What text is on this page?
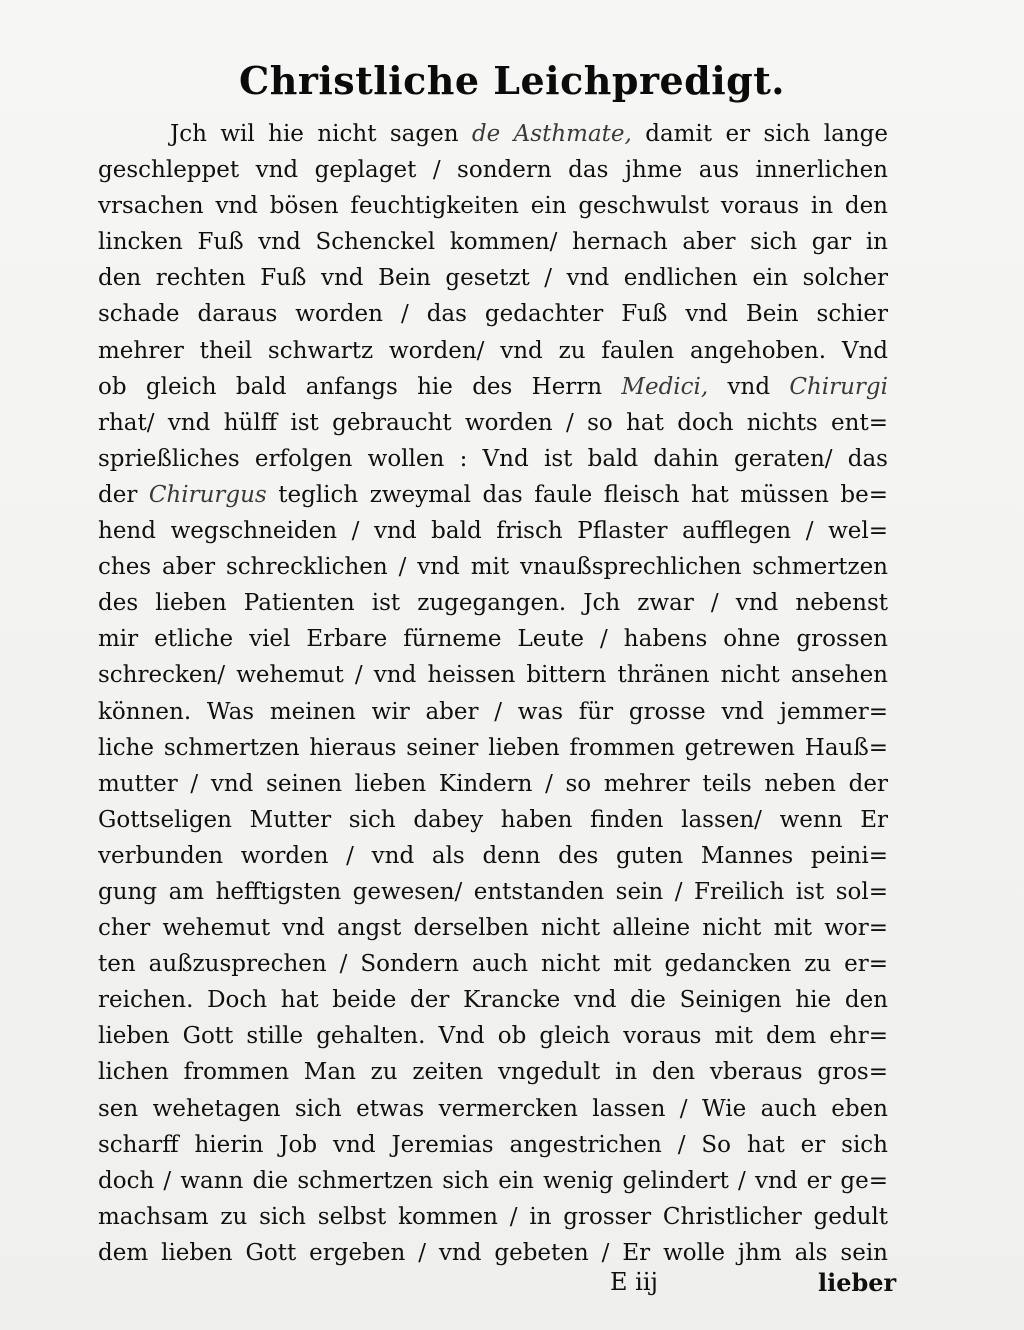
Christliche Leichpredigt.
Jch wil hie nicht sagen de Asthmate, damit er sich lange
geschleppet vnd geplaget / sondern das jhme aus innerlichen
vrsachen vnd bösen feuchtigkeiten ein geschwulst voraus in den
lincken Fuß vnd Schenckel kommen/ hernach aber sich gar in
den rechten Fuß vnd Bein gesetzt / vnd endlichen ein solcher
schade daraus worden / das gedachter Fuß vnd Bein schier
mehrer theil schwartz worden/ vnd zu faulen angehoben. Vnd
ob gleich bald anfangs hie des Herrn Medici, vnd Chirurgi
rhat/ vnd hülff ist gebraucht worden / so hat doch nichts ent=
sprießliches erfolgen wollen : Vnd ist bald dahin geraten/ das
der Chirurgus teglich zweymal das faule fleisch hat müssen be=
hend wegschneiden / vnd bald frisch Pflaster aufflegen / wel=
ches aber schrecklichen / vnd mit vnaußsprechlichen schmertzen
des lieben Patienten ist zugegangen. Jch zwar / vnd nebenst
mir etliche viel Erbare fürneme Leute / habens ohne grossen
schrecken/ wehemut / vnd heissen bittern thränen nicht ansehen
können. Was meinen wir aber / was für grosse vnd jemmer=
liche schmertzen hieraus seiner lieben frommen getrewen Hauß=
mutter / vnd seinen lieben Kindern / so mehrer teils neben der
Gottseligen Mutter sich dabey haben finden lassen/ wenn Er
verbunden worden / vnd als denn des guten Mannes peini=
gung am hefftigsten gewesen/ entstanden sein / Freilich ist sol=
cher wehemut vnd angst derselben nicht alleine nicht mit wor=
ten außzusprechen / Sondern auch nicht mit gedancken zu er=
reichen. Doch hat beide der Krancke vnd die Seinigen hie den
lieben Gott stille gehalten. Vnd ob gleich voraus mit dem ehr=
lichen frommen Man zu zeiten vngedult in den vberaus gros=
sen wehetagen sich etwas vermercken lassen / Wie auch eben
scharff hierin Job vnd Jeremias angestrichen / So hat er sich
doch / wann die schmertzen sich ein wenig gelindert / vnd er ge=
machsam zu sich selbst kommen / in grosser Christlicher gedult
dem lieben Gott ergeben / vnd gebeten / Er wolle jhm als sein
E iij	lieber
